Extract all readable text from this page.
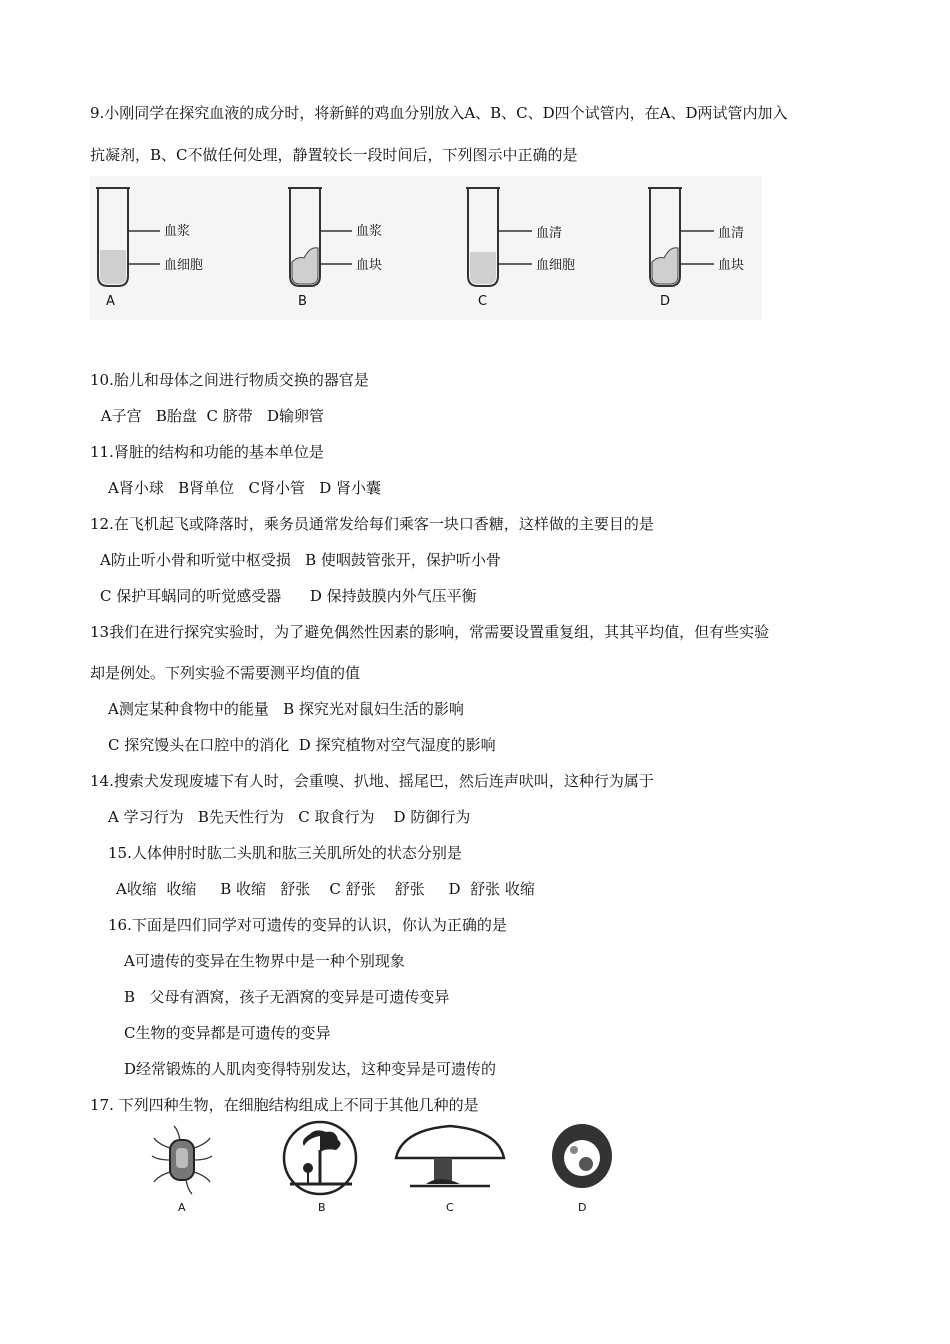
9.小刚同学在探究血液的成分时，将新鲜的鸡血分别放入A、B、C、D四个试管内，在A、D两试管内加入
抗凝剂，B、C不做任何处理，静置较长一段时间后，下列图示中正确的是
血浆
血细胞
A
血浆
血块
B
血清
血细胞
C
血清
血块
D
10.胎儿和母体之间进行物质交换的器官是
A子宫   B胎盘  C 脐带   D输卵管
11.肾脏的结构和功能的基本单位是
A肾小球   B肾单位   C肾小管   D 肾小囊
12.在飞机起飞或降落时，乘务员通常发给每们乘客一块口香糖，这样做的主要目的是
A防止听小骨和听觉中枢受损   B 使咽鼓管张开，保护听小骨
C 保护耳蜗同的听觉感受器      D 保持鼓膜内外气压平衡
13我们在进行探究实验时，为了避免偶然性因素的影响，常需要设置重复组，其其平均值，但有些实验
却是例处。下列实验不需要测平均值的值
A测定某种食物中的能量   B 探究光对鼠妇生活的影响
C 探究馒头在口腔中的消化  D 探究植物对空气湿度的影响
14.搜索犬发现废墟下有人时，会重嗅、扒地、摇尾巴，然后连声吠叫，这种行为属于
A 学习行为   B先天性行为   C 取食行为    D 防御行为
15.人体伸肘时肱二头肌和肱三关肌所处的状态分别是
A收缩  收缩     B 收缩   舒张    C 舒张    舒张     D  舒张 收缩
16.下面是四们同学对可遗传的变异的认识，你认为正确的是
A可遗传的变异在生物界中是一种个别现象
B   父母有酒窝，孩子无酒窝的变异是可遗传变异
C生物的变异都是可遗传的变异
D经常锻炼的人肌肉变得特别发达，这种变异是可遗传的
17. 下列四种生物，在细胞结构组成上不同于其他几种的是
A	B	C	D
